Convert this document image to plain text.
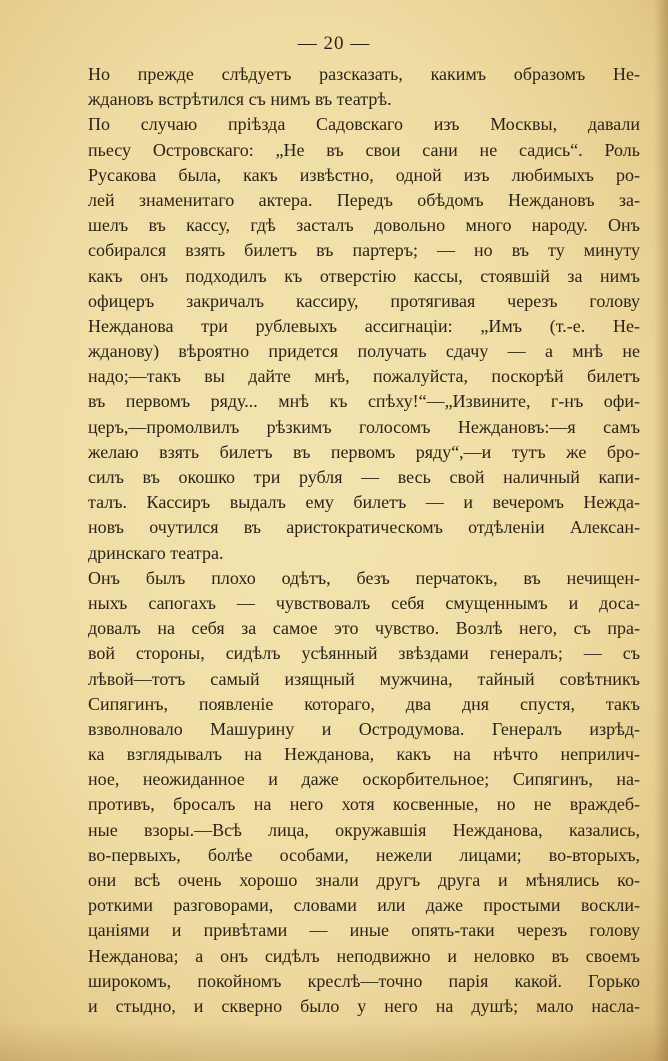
— 20 —
Но прежде слѣдуетъ разсказать, какимъ образомъ Не-
ждановъ встрѣтился съ нимъ въ театрѣ.
По случаю пріѣзда Садовскаго изъ Москвы, давали
пьесу Островскаго: „Не въ свои сани не садись“. Роль
Русакова была, какъ извѣстно, одной изъ любимыхъ ро-
лей знаменитаго актера. Передъ обѣдомъ Неждановъ за-
шелъ въ кассу, гдѣ засталъ довольно много народу. Онъ
собирался взять билетъ въ партеръ; — но въ ту минуту
какъ онъ подходилъ къ отверстію кассы, стоявшій за нимъ
офицеръ закричалъ кассиру, протягивая черезъ голову
Нежданова три рублевыхъ ассигнаціи: „Имъ (т.-е. Не-
жданову) вѣроятно придется получать сдачу — а мнѣ не
надо;—такъ вы дайте мнѣ, пожалуйста, поскорѣй билетъ
въ первомъ ряду... мнѣ къ спѣху!“—„Извините, г-нъ офи-
церъ,—промолвилъ рѣзкимъ голосомъ Неждановъ:—я самъ
желаю взять билетъ въ первомъ ряду“,—и тутъ же бро-
силъ въ окошко три рубля — весь свой наличный капи-
талъ. Кассиръ выдалъ ему билетъ — и вечеромъ Нежда-
новъ очутился въ аристократическомъ отдѣленіи Алексан-
дринскаго театра.
Онъ былъ плохо одѣтъ, безъ перчатокъ, въ нечищен-
ныхъ сапогахъ — чувствовалъ себя смущеннымъ и доса-
довалъ на себя за самое это чувство. Возлѣ него, съ пра-
вой стороны, сидѣлъ усѣянный звѣздами генералъ; — съ
лѣвой—тотъ самый изящный мужчина, тайный совѣтникъ
Сипягинъ, появленіе котораго, два дня спустя, такъ
взволновало Машурину и Остродумова. Генералъ изрѣд-
ка взглядывалъ на Нежданова, какъ на нѣчто неприлич-
ное, неожиданное и даже оскорбительное; Сипягинъ, на-
противъ, бросалъ на него хотя косвенные, но не враждеб-
ные взоры.—Всѣ лица, окружавшія Нежданова, казались,
во-первыхъ, болѣе особами, нежели лицами; во-вторыхъ,
они всѣ очень хорошо знали другъ друга и мѣнялись ко-
роткими разговорами, словами или даже простыми воскли-
цаніями и привѣтами — иные опять-таки черезъ голову
Нежданова; а онъ сидѣлъ неподвижно и неловко въ своемъ
широкомъ, покойномъ креслѣ—точно парія какой. Горько
и стыдно, и скверно было у него на душѣ; мало насла-
